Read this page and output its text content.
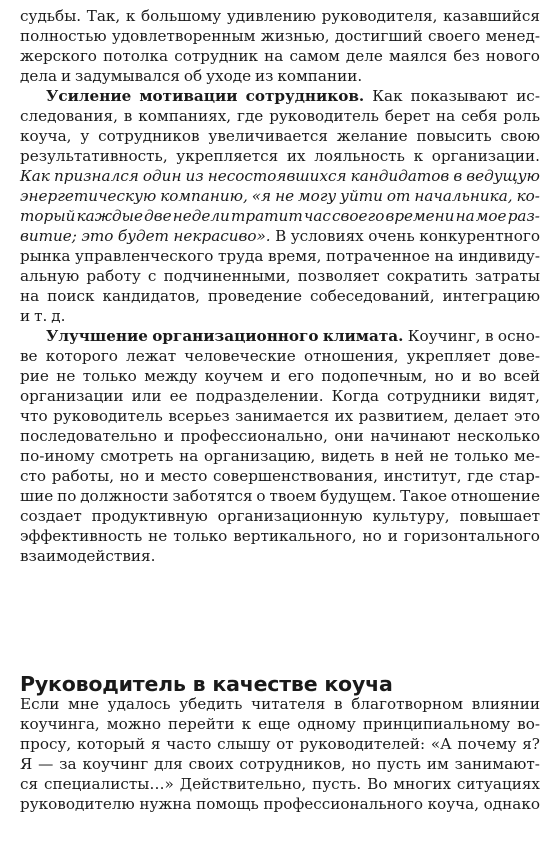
судьбы. Так, к большому удивлению руководителя, казавшийся
полностью удовлетворенным жизнью, достигший своего менед-
жерского потолка сотрудник на самом деле маялся без нового
дела и задумывался об уходе из компании.
Усиление мотивации сотрудников. Как показывают ис-
следования, в компаниях, где руководитель берет на себя роль
коуча, у сотрудников увеличивается желание повысить свою
результативность, укрепляется их лояльность к организации.
Как признался один из несостоявшихся кандидатов в ведущую
энергетическую компанию, «я не могу уйти от начальника, ко-
торый каждые две недели тратит час своего времени на мое раз-
витие; это будет некрасиво». В условиях очень конкурентного
рынка управленческого труда время, потраченное на индивиду-
альную работу с подчиненными, позволяет сократить затраты
на поиск кандидатов, проведение собеседований, интеграцию
и т. д.
Улучшение организационного климата. Коучинг, в осно-
ве которого лежат человеческие отношения, укрепляет дове-
рие не только между коучем и его подопечным, но и во всей
организации или ее подразделении. Когда сотрудники видят,
что руководитель всерьез занимается их развитием, делает это
последовательно и профессионально, они начинают несколько
по-иному смотреть на организацию, видеть в ней не только ме-
сто работы, но и место совершенствования, институт, где стар-
шие по должности заботятся о твоем будущем. Такое отношение
создает продуктивную организационную культуру, повышает
эффективность не только вертикального, но и горизонтального
взаимодействия.
Если мне удалось убедить читателя в благотворном влиянии
коучинга, можно перейти к еще одному принципиальному во-
просу, который я часто слышу от руководителей: «А почему я?
Я — за коучинг для своих сотрудников, но пусть им занимают-
ся специалисты…» Действительно, пусть. Во многих ситуациях
руководителю нужна помощь профессионального коуча, однако
Руководитель в качестве коуча
